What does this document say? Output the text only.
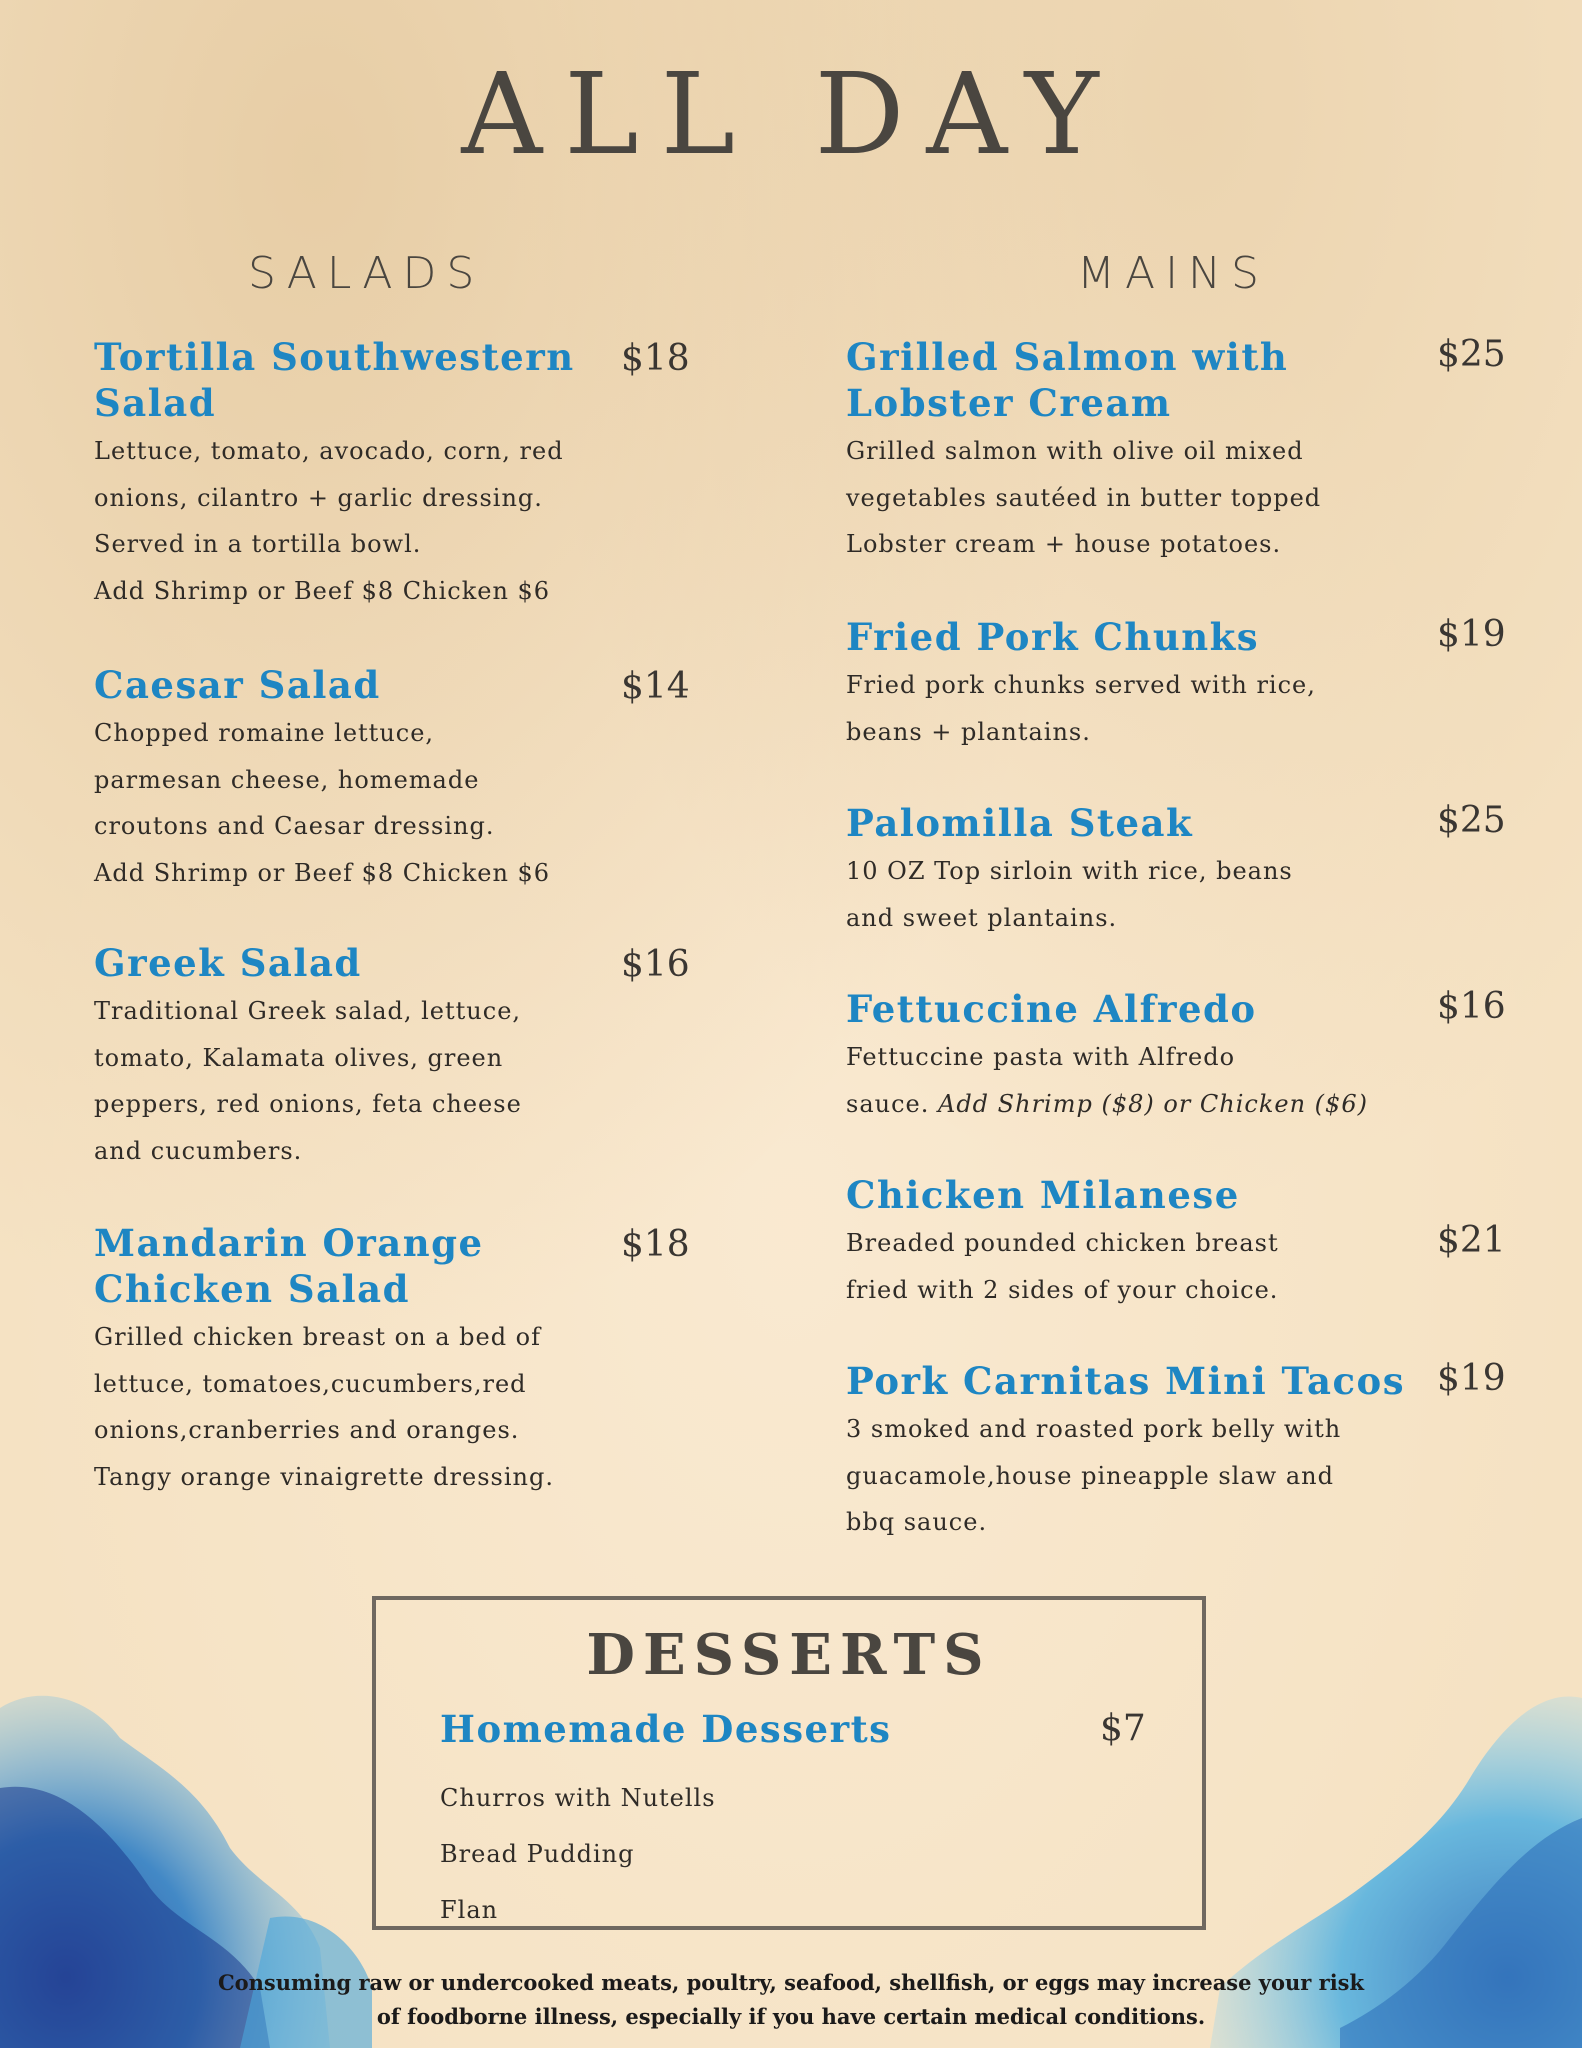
ALL DAY
SALADS	MAINS
Tortilla Southwestern
Salad
Lettuce, tomato, avocado, corn, red
onions, cilantro + garlic dressing.
Served in a tortilla bowl.
Add Shrimp or Beef $8 Chicken $6
$18
Caesar Salad
Chopped romaine lettuce,
parmesan cheese, homemade
croutons and Caesar dressing.
Add Shrimp or Beef $8 Chicken $6
$14
Greek Salad
Traditional Greek salad, lettuce,
tomato, Kalamata olives, green
peppers, red onions, feta cheese
and cucumbers.
$16
Mandarin Orange
Chicken Salad
Grilled chicken breast on a bed of
lettuce, tomatoes,cucumbers,red
onions,cranberries and oranges.
Tangy orange vinaigrette dressing.
$18
Grilled Salmon with
Lobster Cream
Grilled salmon with olive oil mixed
vegetables sautéed in butter topped
Lobster cream + house potatoes.
$25
Fried Pork Chunks
Fried pork chunks served with rice,
beans + plantains.
$19
Palomilla Steak
10 OZ Top sirloin with rice, beans
and sweet plantains.
$25
Fettuccine Alfredo
Fettuccine pasta with Alfredo
sauce. Add Shrimp ($8) or Chicken ($6)
$16
Chicken Milanese
Breaded pounded chicken breast
fried with 2 sides of your choice.
$21
Pork Carnitas Mini Tacos
3 smoked and roasted pork belly with
guacamole,house pineapple slaw and
bbq sauce.
$19
DESSERTS
Homemade Desserts	$7
Churros with Nutells
Bread Pudding
Flan
Consuming raw or undercooked meats, poultry, seafood, shellfish, or eggs may increase your risk
of foodborne illness, especially if you have certain medical conditions.
